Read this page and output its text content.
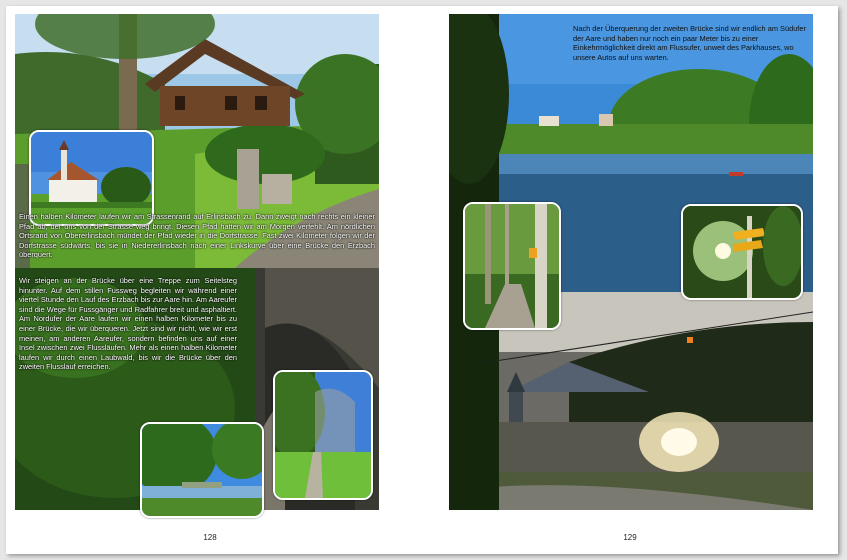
Einen halben Kilometer laufen wir am Strassenrand auf Erlinsbach zu. Dann zweigt nach rechts ein kleiner Pfad ab, der uns von der Strasse weg bringt. Diesen Pfad hatten wir am Morgen verfehlt. Am nördlichen Ortsrand von Obererlinsbach mündet der Pfad wieder in die Dorfstrasse. Fast zwei Kilometer folgen wir der Dorfstrasse südwärts, bis sie in Niedererlinsbach nach einer Linkskurve über eine Brücke den Erzbach überquert.
Wir steigen an der Brücke über eine Treppe zum Seitelsteg hinunter. Auf dem stillen Fussweg begleiten wir während einer viertel Stunde den Lauf des Erzbach bis zur Aare hin. Am Aareufer sind die Wege für Fussgänger und Radfahrer breit und asphaltiert. Am Nordufer der Aare laufen wir einen halben Kilometer bis zu einer Brücke, die wir überqueren. Jetzt sind wir nicht, wie wir erst meinen, am anderen Aareufer, sondern befinden uns auf einer Insel zwischen zwei Flussläufen. Mehr als einen halben Kilometer laufen wir durch einen Laubwald, bis wir die Brücke über den zweiten Flusslauf erreichen.
128
Nach der Überquerung der zweiten Brücke sind wir endlich am Südufer der Aare und haben nur noch ein paar Meter bis zu einer Einkehrmöglichkeit direkt am Flussufer, unweit des Parkhauses, wo unsere Autos auf uns warten.
129
